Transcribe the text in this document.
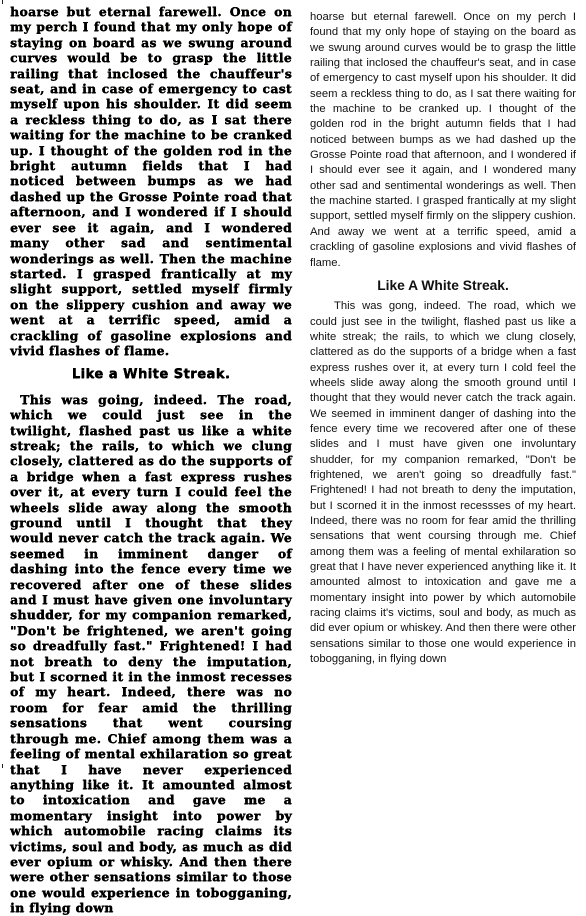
hoarse but eternal farewell. Once on my perch I found that my only hope of staying on board as we swung around curves would be to grasp the little railing that inclosed the chauffeur's seat, and in case of emergency to cast myself upon his shoulder. It did seem a reckless thing to do, as I sat there waiting for the machine to be cranked up. I thought of the golden rod in the bright autumn fields that I had noticed between bumps as we had dashed up the Grosse Pointe road that afternoon, and I wondered if I should ever see it again, and I wondered many other sad and sentimental wonderings as well. Then the machine started. I grasped frantically at my slight support, settled myself firmly on the slippery cushion and away we went at a terrific speed, amid a crackling of gasoline explosions and vivid flashes of flame.

Like a White Streak.

This was going, indeed. The road, which we could just see in the twilight, flashed past us like a white streak; the rails, to which we clung closely, clattered as do the supports of a bridge when a fast express rushes over it, at every turn I could feel the wheels slide away along the smooth ground until I thought that they would never catch the track again. We seemed in imminent danger of dashing into the fence every time we recovered after one of these slides and I must have given one involuntary shudder, for my companion remarked, "Don't be frightened, we aren't going so dreadfully fast." Frightened! I had not breath to deny the imputation, but I scorned it in the inmost recesses of my heart. Indeed, there was no room for fear amid the thrilling sensations that went coursing through me. Chief among them was a feeling of mental exhilaration so great that I have never experienced anything like it. It amounted almost to intoxication and gave me a momentary insight into power by which automobile racing claims its victims, soul and body, as much as did ever opium or whisky. And then there were other sensations similar to those one would experience in tobogganing, in flying down

hoarse but eternal farewell. Once on my perch I found that my only hope of staying on the board as we swung around curves would be to grasp the little railing that inclosed the chauffeur's seat, and in case of emergency to cast myself upon his shoulder. It did seem a reckless thing to do, as I sat there waiting for the machine to be cranked up. I thought of the golden rod in the bright autumn fields that I had noticed between bumps as we had dashed up the Grosse Pointe road that afternoon, and I wondered if I should ever see it again, and I wondered many other sad and sentimental wonderings as well. Then the machine started. I grasped frantically at my slight support, settled myself firmly on the slippery cushion. And away we went at a terrific speed, amid a crackling of gasoline explosions and vivid flashes of flame.

Like A White Streak.

This was gong, indeed. The road, which we could just see in the twilight, flashed past us like a white streak; the rails, to which we clung closely, clattered as do the supports of a bridge when a fast express rushes over it, at every turn I cold feel the wheels slide away along the smooth ground until I thought that they would never catch the track again. We seemed in imminent danger of dashing into the fence every time we recovered after one of these slides and I must have given one involuntary shudder, for my companion remarked, "Don't be frightened, we aren't going so dreadfully fast." Frightened! I had not breath to deny the imputation, but I scorned it in the inmost recessses of my heart. Indeed, there was no room for fear amid the thrilling sensations that went coursing through me. Chief among them was a feeling of mental exhilaration so great that I have never experienced anything like it. It amounted almost to intoxication and gave me a momentary insight into power by which automobile racing claims it's victims, soul and body, as much as did ever opium or whiskey. And then there were other sensations similar to those one would experience in tobogganing, in flying down
